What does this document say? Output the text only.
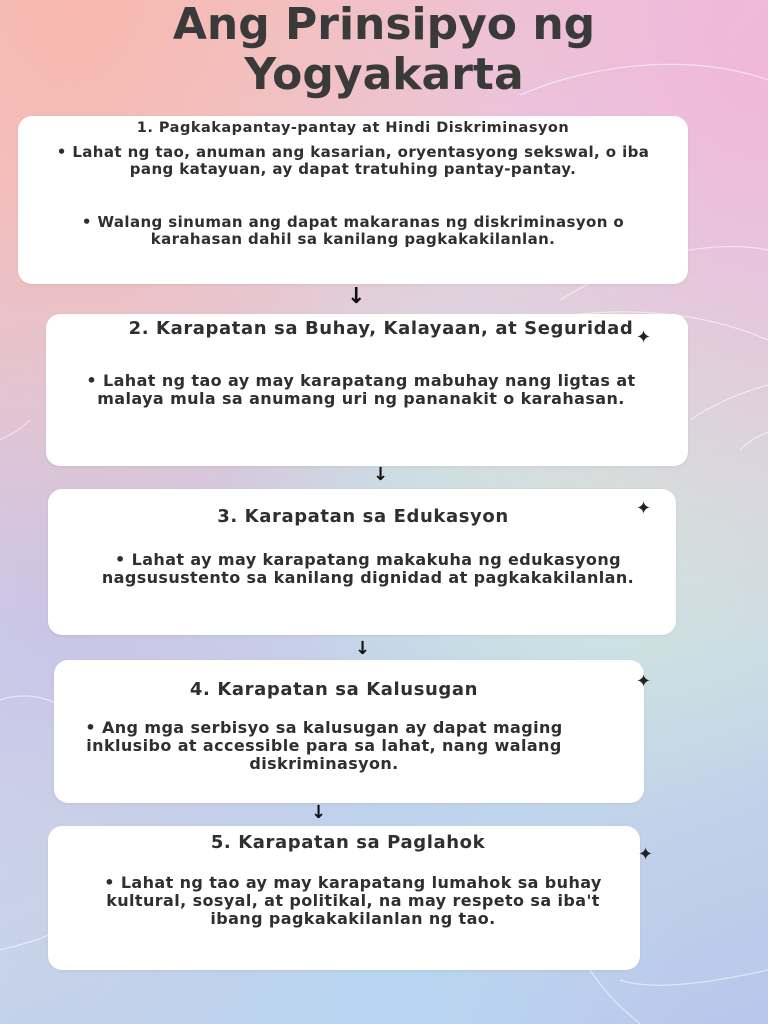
Ang Prinsipyo ng
Yogyakarta
1. Pagkakapantay-pantay at Hindi Diskriminasyon

• Lahat ng tao, anuman ang kasarian, oryentasyong sekswal, o iba pang katayuan, ay dapat tratuhing pantay-pantay.

• Walang sinuman ang dapat makaranas ng diskriminasyon o karahasan dahil sa kanilang pagkakakilanlan.

↓
2. Karapatan sa Buhay, Kalayaan, at Seguridad

• Lahat ng tao ay may karapatang mabuhay nang ligtas at malaya mula sa anumang uri ng pananakit o karahasan.

✦
↓
3. Karapatan sa Edukasyon

• Lahat ay may karapatang makakuha ng edukasyong nagsusustento sa kanilang dignidad at pagkakakilanlan.

✦
↓
4. Karapatan sa Kalusugan

• Ang mga serbisyo sa kalusugan ay dapat maging inklusibo at accessible para sa lahat, nang walang diskriminasyon.

✦
↓
5. Karapatan sa Paglahok

• Lahat ng tao ay may karapatang lumahok sa buhay kultural, sosyal, at politikal, na may respeto sa iba't ibang pagkakakilanlan ng tao.

✦
